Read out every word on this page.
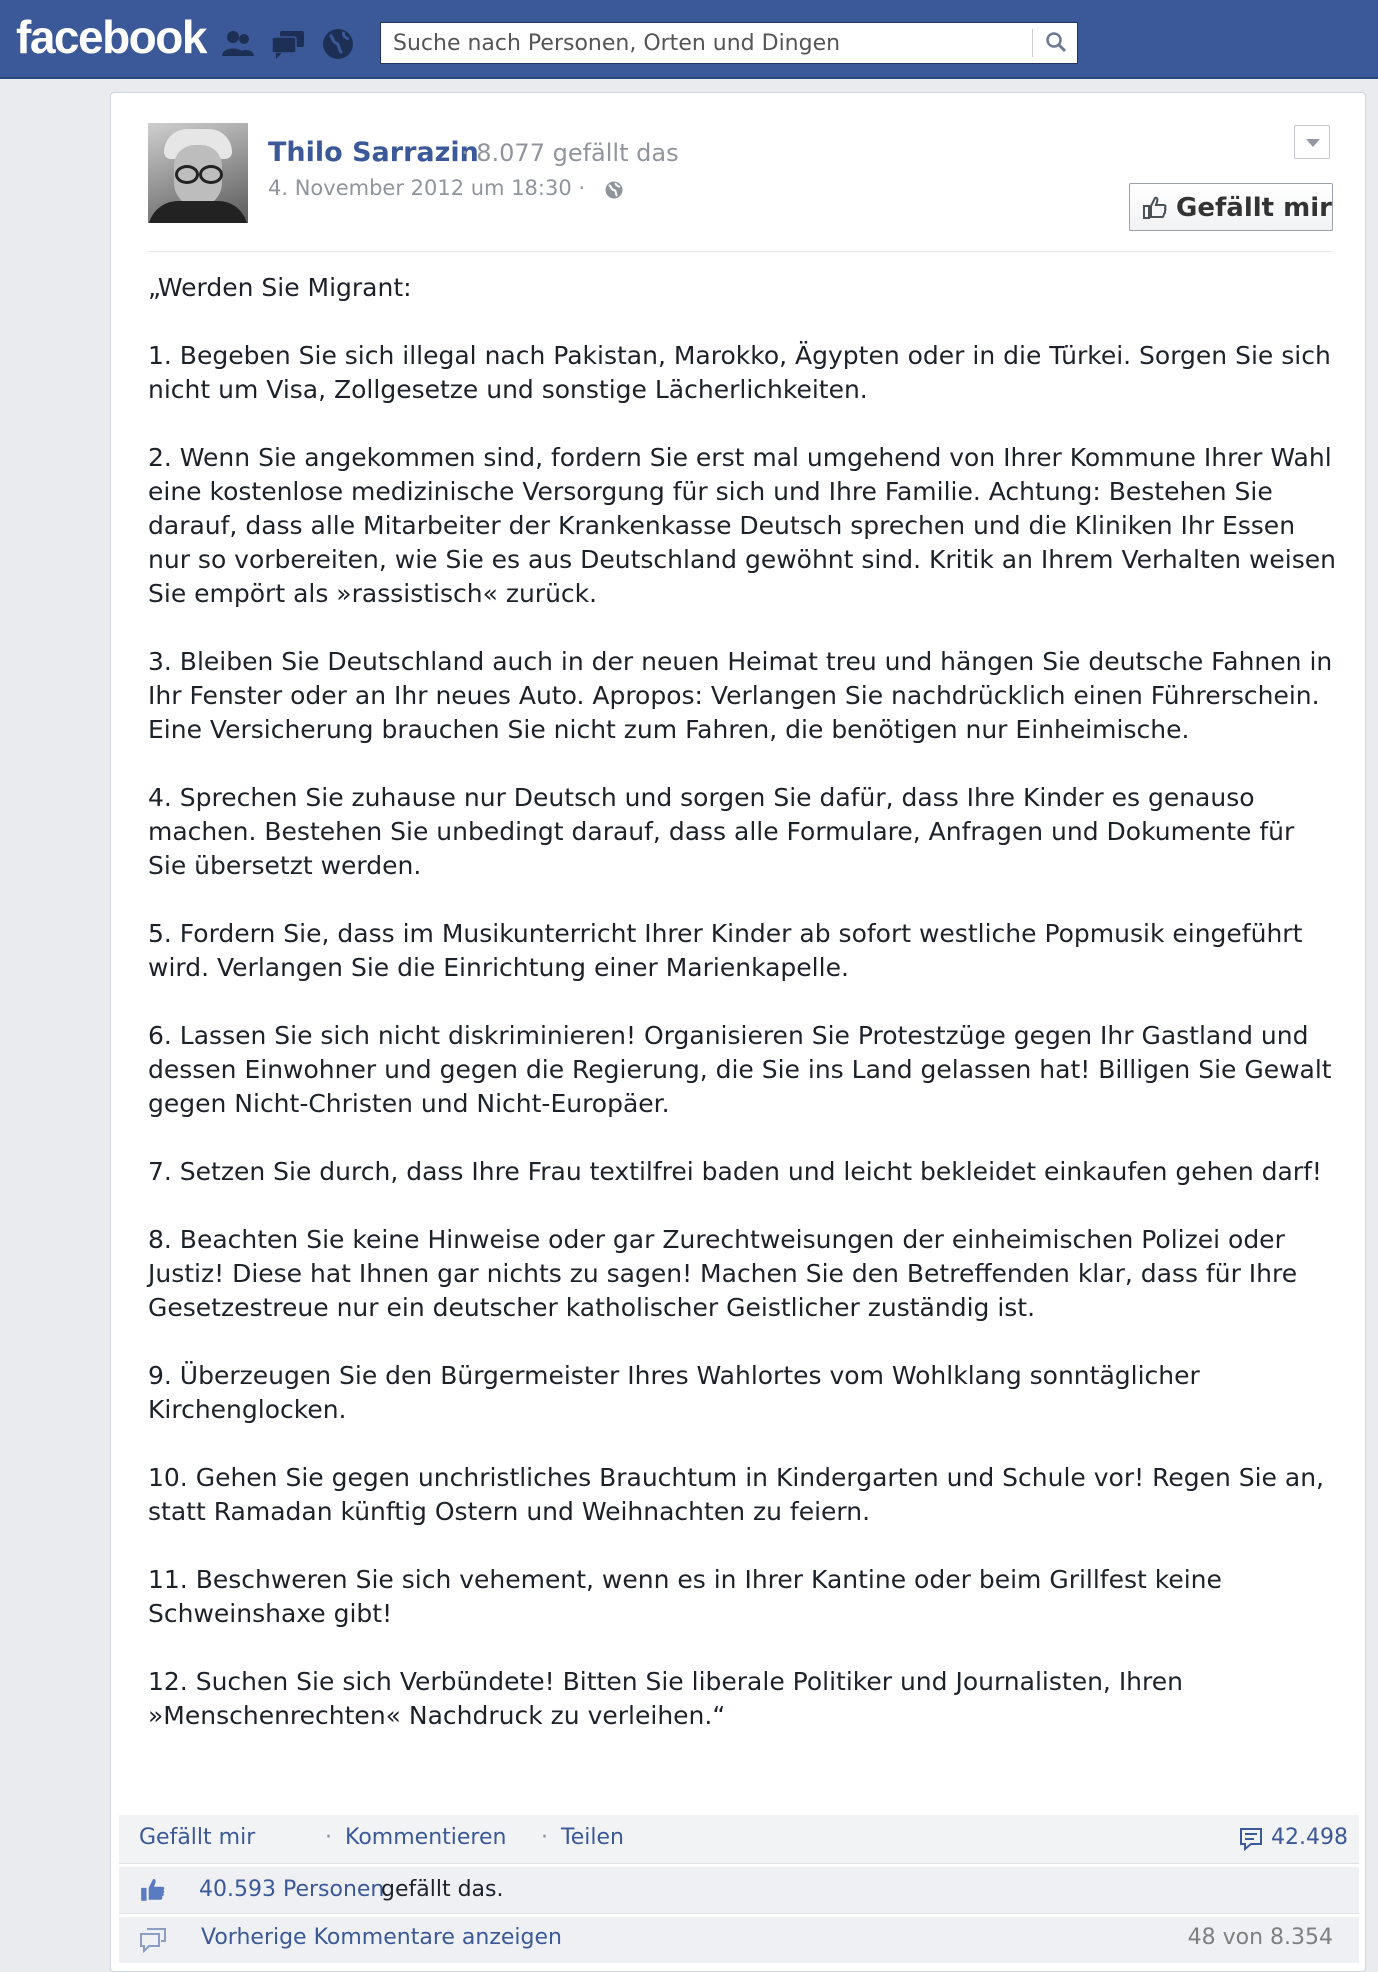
facebook
Suche nach Personen, Orten und Dingen
Thilo Sarrazin
· 8.077 gefällt das
4. November 2012 um 18:30 ·
Gefällt mir

„Werden Sie Migrant:

1. Begeben Sie sich illegal nach Pakistan, Marokko, Ägypten oder in die Türkei. Sorgen Sie sich nicht um Visa, Zollgesetze und sonstige Lächerlichkeiten.

2. Wenn Sie angekommen sind, fordern Sie erst mal umgehend von Ihrer Kommune Ihrer Wahl eine kostenlose medizinische Versorgung für sich und Ihre Familie. Achtung: Bestehen Sie darauf, dass alle Mitarbeiter der Krankenkasse Deutsch sprechen und die Kliniken Ihr Essen nur so vorbereiten, wie Sie es aus Deutschland gewöhnt sind. Kritik an Ihrem Verhalten weisen Sie empört als »rassistisch« zurück.

3. Bleiben Sie Deutschland auch in der neuen Heimat treu und hängen Sie deutsche Fahnen in Ihr Fenster oder an Ihr neues Auto. Apropos: Verlangen Sie nachdrücklich einen Führerschein. Eine Versicherung brauchen Sie nicht zum Fahren, die benötigen nur Einheimische.

4. Sprechen Sie zuhause nur Deutsch und sorgen Sie dafür, dass Ihre Kinder es genauso machen. Bestehen Sie unbedingt darauf, dass alle Formulare, Anfragen und Dokumente für Sie übersetzt werden.

5. Fordern Sie, dass im Musikunterricht Ihrer Kinder ab sofort westliche Popmusik eingeführt wird. Verlangen Sie die Einrichtung einer Marienkapelle.

6. Lassen Sie sich nicht diskriminieren! Organisieren Sie Protestzüge gegen Ihr Gastland und dessen Einwohner und gegen die Regierung, die Sie ins Land gelassen hat! Billigen Sie Gewalt gegen Nicht-Christen und Nicht-Europäer.

7. Setzen Sie durch, dass Ihre Frau textilfrei baden und leicht bekleidet einkaufen gehen darf!

8. Beachten Sie keine Hinweise oder gar Zurechtweisungen der einheimischen Polizei oder Justiz! Diese hat Ihnen gar nichts zu sagen! Machen Sie den Betreffenden klar, dass für Ihre Gesetzestreue nur ein deutscher katholischer Geistlicher zuständig ist.

9. Überzeugen Sie den Bürgermeister Ihres Wahlortes vom Wohlklang sonntäglicher Kirchenglocken.

10. Gehen Sie gegen unchristliches Brauchtum in Kindergarten und Schule vor! Regen Sie an, statt Ramadan künftig Ostern und Weihnachten zu feiern.

11. Beschweren Sie sich vehement, wenn es in Ihrer Kantine oder beim Grillfest keine Schweinshaxe gibt!

12. Suchen Sie sich Verbündete! Bitten Sie liberale Politiker und Journalisten, Ihren »Menschenrechten« Nachdruck zu verleihen.“

Gefällt mir	· Kommentieren · Teilen	42.498
40.593 Personen
gefällt das.
Vorherige Kommentare anzeigen	48 von 8.354
